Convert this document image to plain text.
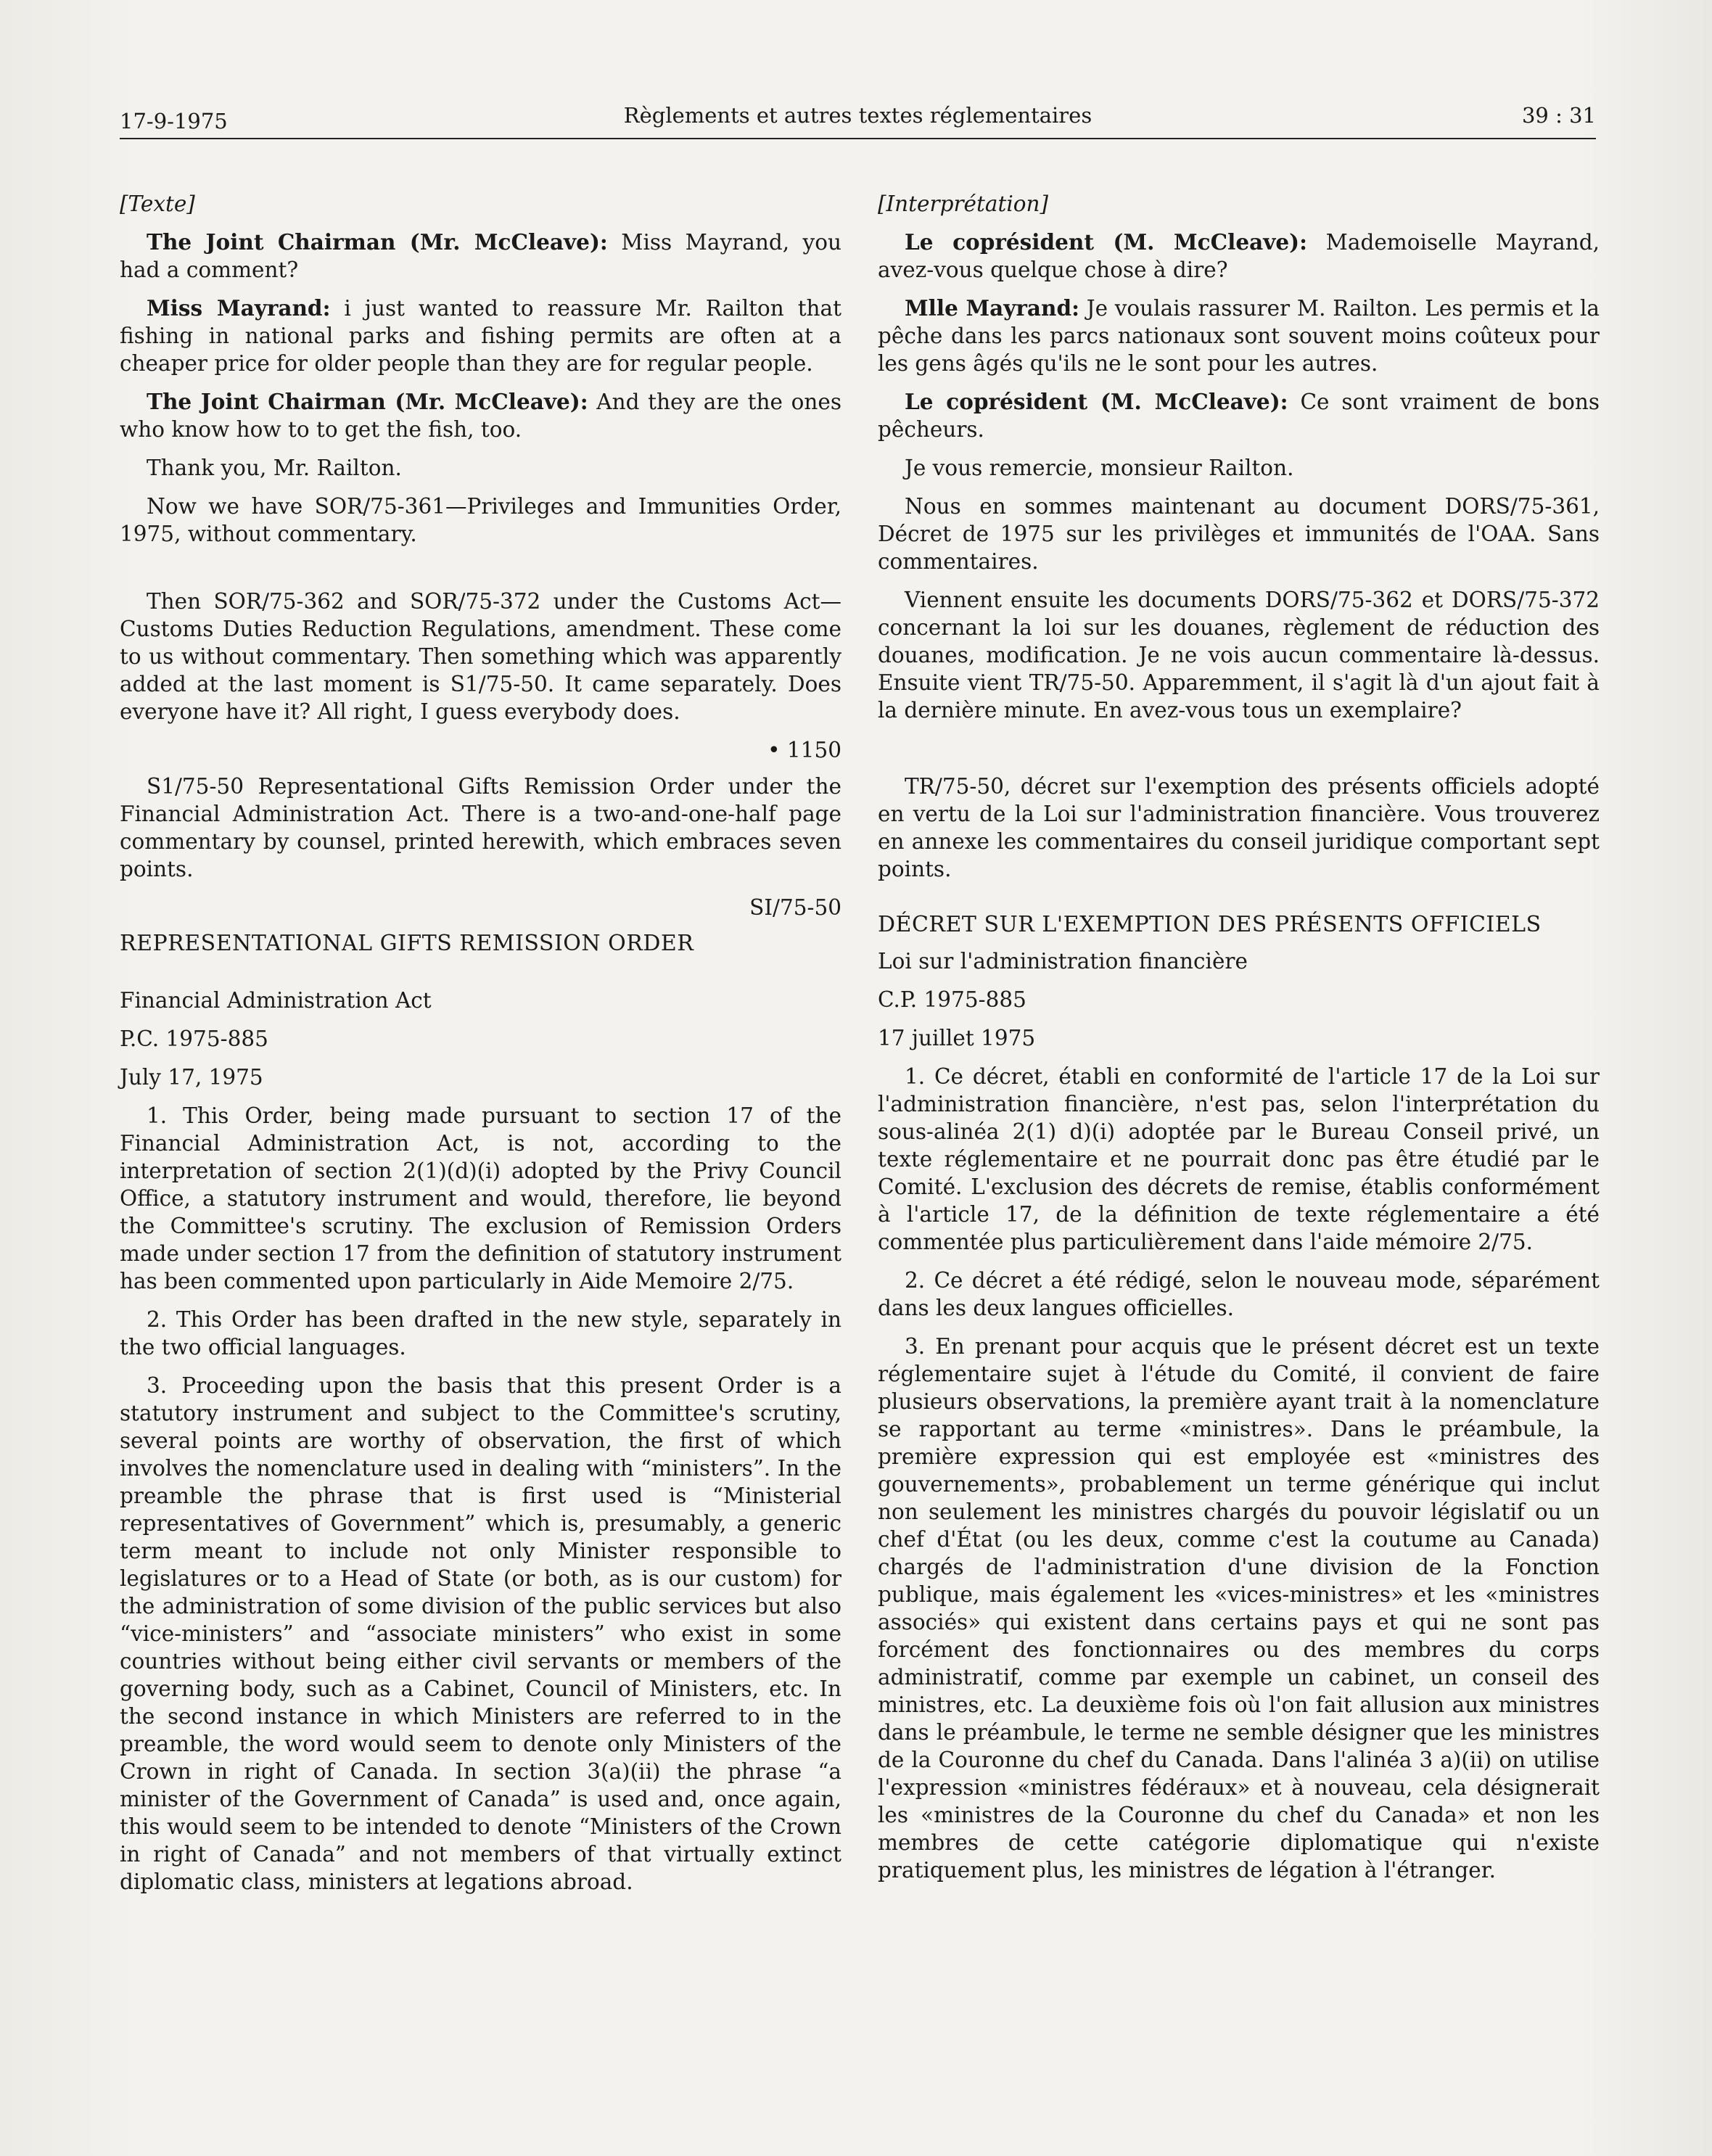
17-9-1975	Règlements et autres textes réglementaires	39 : 31
[Texte]
The Joint Chairman (Mr. McCleave): Miss Mayrand, you had a comment?
Miss Mayrand: i just wanted to reassure Mr. Railton that fishing in national parks and fishing permits are often at a cheaper price for older people than they are for regular people.
The Joint Chairman (Mr. McCleave): And they are the ones who know how to to get the fish, too.
Thank you, Mr. Railton.
Now we have SOR/75-361—Privileges and Immunities Order, 1975, without commentary.
Then SOR/75-362 and SOR/75-372 under the Customs Act—Customs Duties Reduction Regulations, amendment. These come to us without commentary. Then something which was apparently added at the last moment is S1/75-50. It came separately. Does everyone have it? All right, I guess everybody does.
• 1150
S1/75-50 Representational Gifts Remission Order under the Financial Administration Act. There is a two-and-one-half page commentary by counsel, printed herewith, which embraces seven points.
SI/75-50
REPRESENTATIONAL GIFTS REMISSION ORDER
Financial Administration Act
P.C. 1975-885
July 17, 1975
1. This Order, being made pursuant to section 17 of the Financial Administration Act, is not, according to the interpretation of section 2(1)(d)(i) adopted by the Privy Council Office, a statutory instrument and would, therefore, lie beyond the Committee's scrutiny. The exclusion of Remission Orders made under section 17 from the definition of statutory instrument has been commented upon particularly in Aide Memoire 2/75.
2. This Order has been drafted in the new style, separately in the two official languages.
3. Proceeding upon the basis that this present Order is a statutory instrument and subject to the Committee's scrutiny, several points are worthy of observation, the first of which involves the nomenclature used in dealing with “ministers”. In the preamble the phrase that is first used is “Ministerial representatives of Government” which is, presumably, a generic term meant to include not only Minister responsible to legislatures or to a Head of State (or both, as is our custom) for the administration of some division of the public services but also “vice-ministers” and “associate ministers” who exist in some countries without being either civil servants or members of the governing body, such as a Cabinet, Council of Ministers, etc. In the second instance in which Ministers are referred to in the preamble, the word would seem to denote only Ministers of the Crown in right of Canada. In section 3(a)(ii) the phrase “a minister of the Government of Canada” is used and, once again, this would seem to be intended to denote “Ministers of the Crown in right of Canada” and not members of that virtually extinct diplomatic class, ministers at legations abroad.
[Interprétation]
Le coprésident (M. McCleave): Mademoiselle Mayrand, avez-vous quelque chose à dire?
Mlle Mayrand: Je voulais rassurer M. Railton. Les permis et la pêche dans les parcs nationaux sont souvent moins coûteux pour les gens âgés qu'ils ne le sont pour les autres.
Le coprésident (M. McCleave): Ce sont vraiment de bons pêcheurs.
Je vous remercie, monsieur Railton.
Nous en sommes maintenant au document DORS/75-361, Décret de 1975 sur les privilèges et immunités de l'OAA. Sans commentaires.
Viennent ensuite les documents DORS/75-362 et DORS/75-372 concernant la loi sur les douanes, règlement de réduction des douanes, modification. Je ne vois aucun commentaire là-dessus. Ensuite vient TR/75-50. Apparemment, il s'agit là d'un ajout fait à la dernière minute. En avez-vous tous un exemplaire?
TR/75-50, décret sur l'exemption des présents officiels adopté en vertu de la Loi sur l'administration financière. Vous trouverez en annexe les commentaires du conseil juridique comportant sept points.
DÉCRET SUR L'EXEMPTION DES PRÉSENTS OFFICIELS
Loi sur l'administration financière
C.P. 1975-885
17 juillet 1975
1. Ce décret, établi en conformité de l'article 17 de la Loi sur l'administration financière, n'est pas, selon l'interprétation du sous-alinéa 2(1) d)(i) adoptée par le Bureau Conseil privé, un texte réglementaire et ne pourrait donc pas être étudié par le Comité. L'exclusion des décrets de remise, établis conformément à l'article 17, de la définition de texte réglementaire a été commentée plus particulièrement dans l'aide mémoire 2/75.
2. Ce décret a été rédigé, selon le nouveau mode, séparément dans les deux langues officielles.
3. En prenant pour acquis que le présent décret est un texte réglementaire sujet à l'étude du Comité, il convient de faire plusieurs observations, la première ayant trait à la nomenclature se rapportant au terme «ministres». Dans le préambule, la première expression qui est employée est «ministres des gouvernements», probablement un terme générique qui inclut non seulement les ministres chargés du pouvoir législatif ou un chef d'État (ou les deux, comme c'est la coutume au Canada) chargés de l'administration d'une division de la Fonction publique, mais également les «vices-ministres» et les «ministres associés» qui existent dans certains pays et qui ne sont pas forcément des fonctionnaires ou des membres du corps administratif, comme par exemple un cabinet, un conseil des ministres, etc. La deuxième fois où l'on fait allusion aux ministres dans le préambule, le terme ne semble désigner que les ministres de la Couronne du chef du Canada. Dans l'alinéa 3 a)(ii) on utilise l'expression «ministres fédéraux» et à nouveau, cela désignerait les «ministres de la Couronne du chef du Canada» et non les membres de cette catégorie diplomatique qui n'existe pratiquement plus, les ministres de légation à l'étranger.
